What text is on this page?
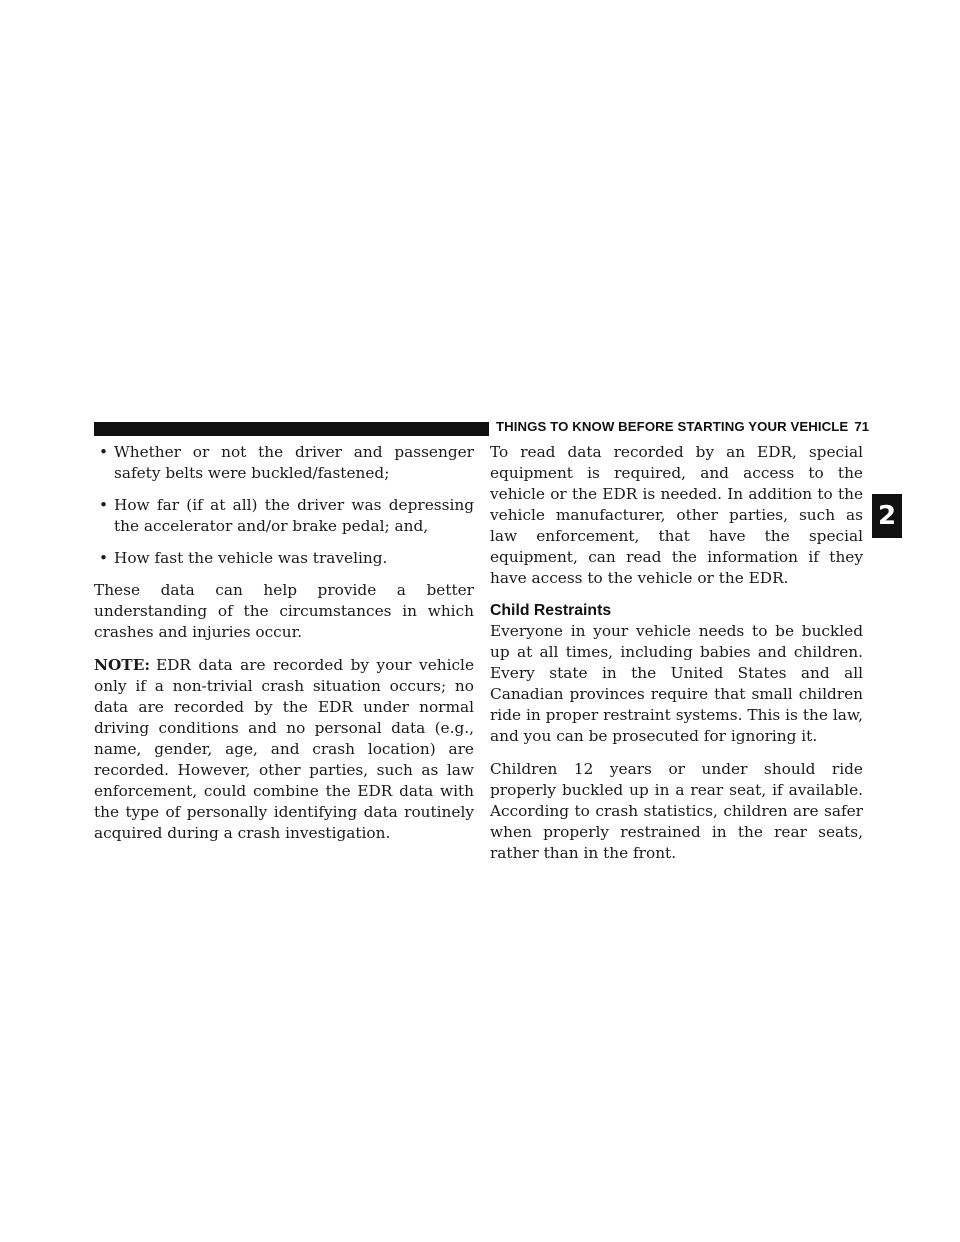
THINGS TO KNOW BEFORE STARTING YOUR VEHICLE 71
2
• Whether or not the driver and passenger safety belts were buckled/fastened;
• How far (if at all) the driver was depressing the accelerator and/or brake pedal; and,
• How fast the vehicle was traveling.

These data can help provide a better understanding of the circumstances in which crashes and injuries occur.

NOTE: EDR data are recorded by your vehicle only if a non-trivial crash situation occurs; no data are recorded by the EDR under normal driving conditions and no personal data (e.g., name, gender, age, and crash location) are recorded. However, other parties, such as law enforcement, could combine the EDR data with the type of personally identifying data routinely acquired during a crash investigation.

To read data recorded by an EDR, special equipment is required, and access to the vehicle or the EDR is needed. In addition to the vehicle manufacturer, other parties, such as law enforcement, that have the special equipment, can read the information if they have access to the vehicle or the EDR.

Child Restraints

Everyone in your vehicle needs to be buckled up at all times, including babies and children. Every state in the United States and all Canadian provinces require that small children ride in proper restraint systems. This is the law, and you can be prosecuted for ignoring it.

Children 12 years or under should ride properly buckled up in a rear seat, if available. According to crash statistics, children are safer when properly restrained in the rear seats, rather than in the front.
